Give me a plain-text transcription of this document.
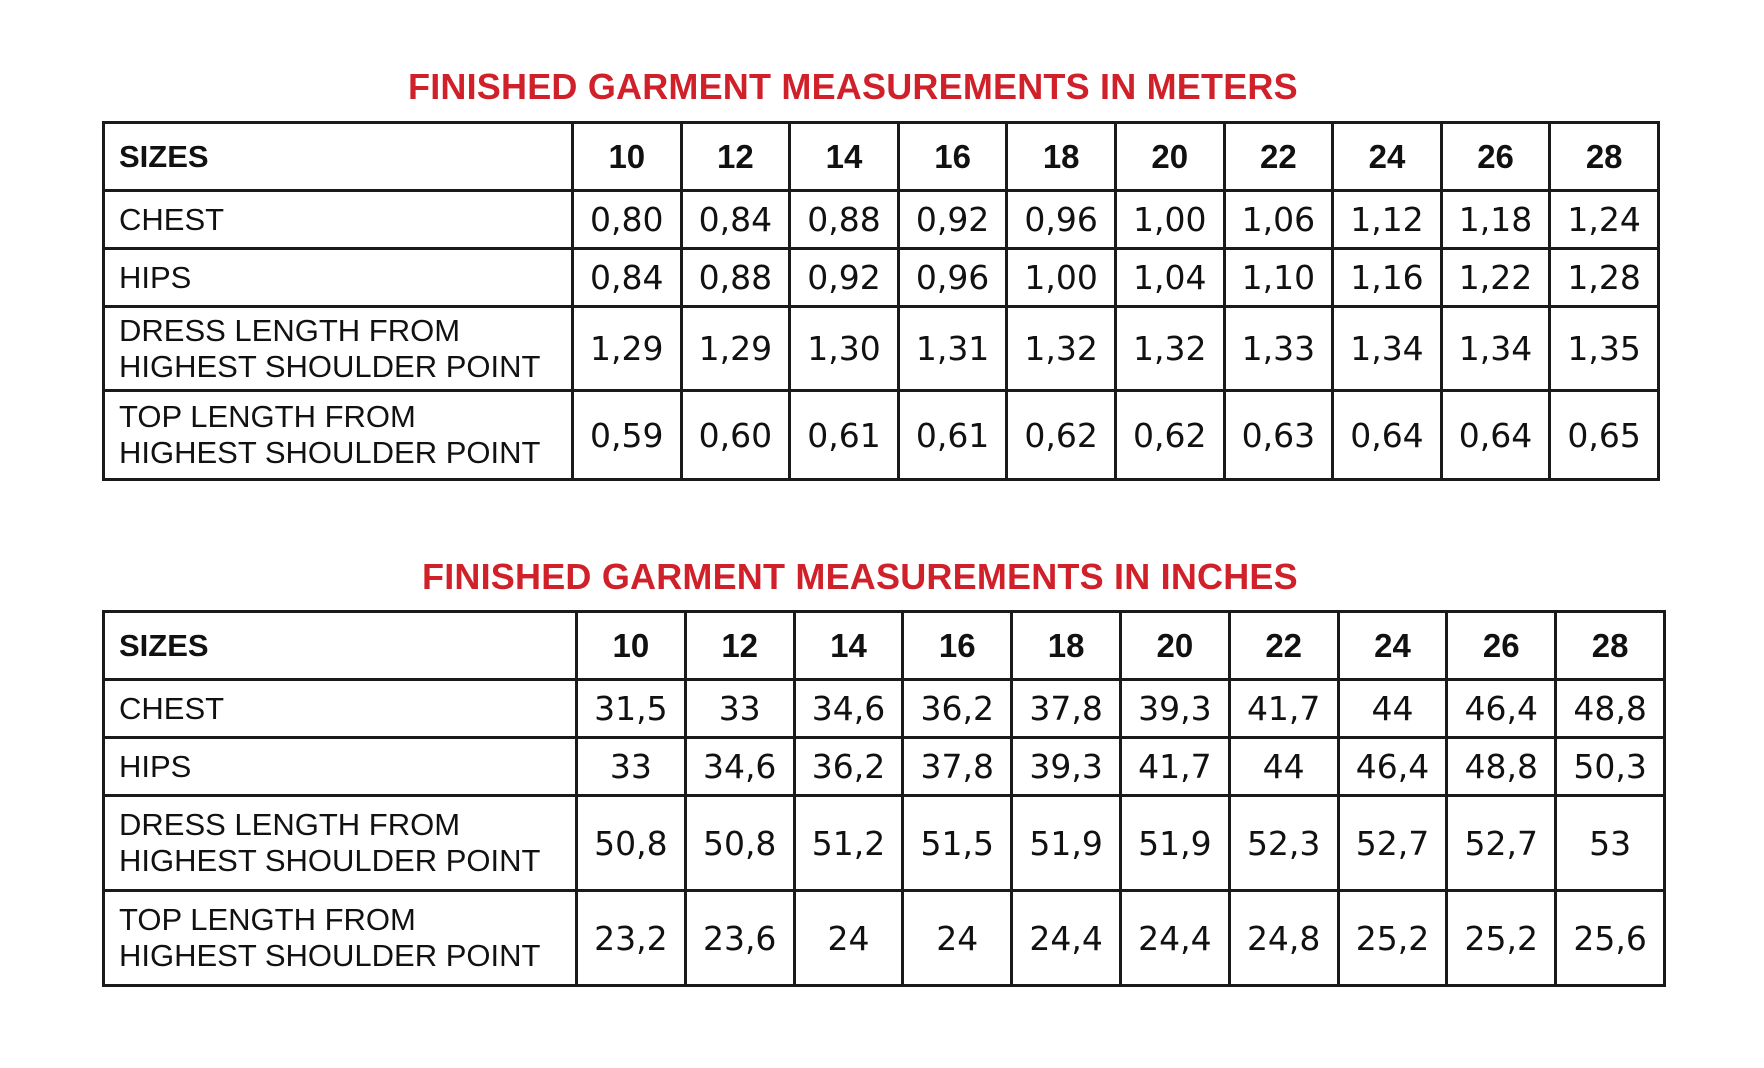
FINISHED GARMENT MEASUREMENTS IN METERS
SIZES	10	12	14	16	18	20	22	24	26	28

CHEST	0,80	0,84	0,88	0,92	0,96	1,00	1,06	1,12	1,18	1,24

HIPS	0,84	0,88	0,92	0,96	1,00	1,04	1,10	1,16	1,22	1,28

DRESS LENGTH FROM
HIGHEST SHOULDER POINT	1,29	1,29	1,30	1,31	1,32	1,32	1,33	1,34	1,34	1,35

TOP LENGTH FROM
HIGHEST SHOULDER POINT	0,59	0,60	0,61	0,61	0,62	0,62	0,63	0,64	0,64	0,65
FINISHED GARMENT MEASUREMENTS IN INCHES
SIZES	10	12	14	16	18	20	22	24	26	28

CHEST	31,5	33	34,6	36,2	37,8	39,3	41,7	44	46,4	48,8

HIPS	33	34,6	36,2	37,8	39,3	41,7	44	46,4	48,8	50,3

DRESS LENGTH FROM
HIGHEST SHOULDER POINT	50,8	50,8	51,2	51,5	51,9	51,9	52,3	52,7	52,7	53

TOP LENGTH FROM
HIGHEST SHOULDER POINT	23,2	23,6	24	24	24,4	24,4	24,8	25,2	25,2	25,6
